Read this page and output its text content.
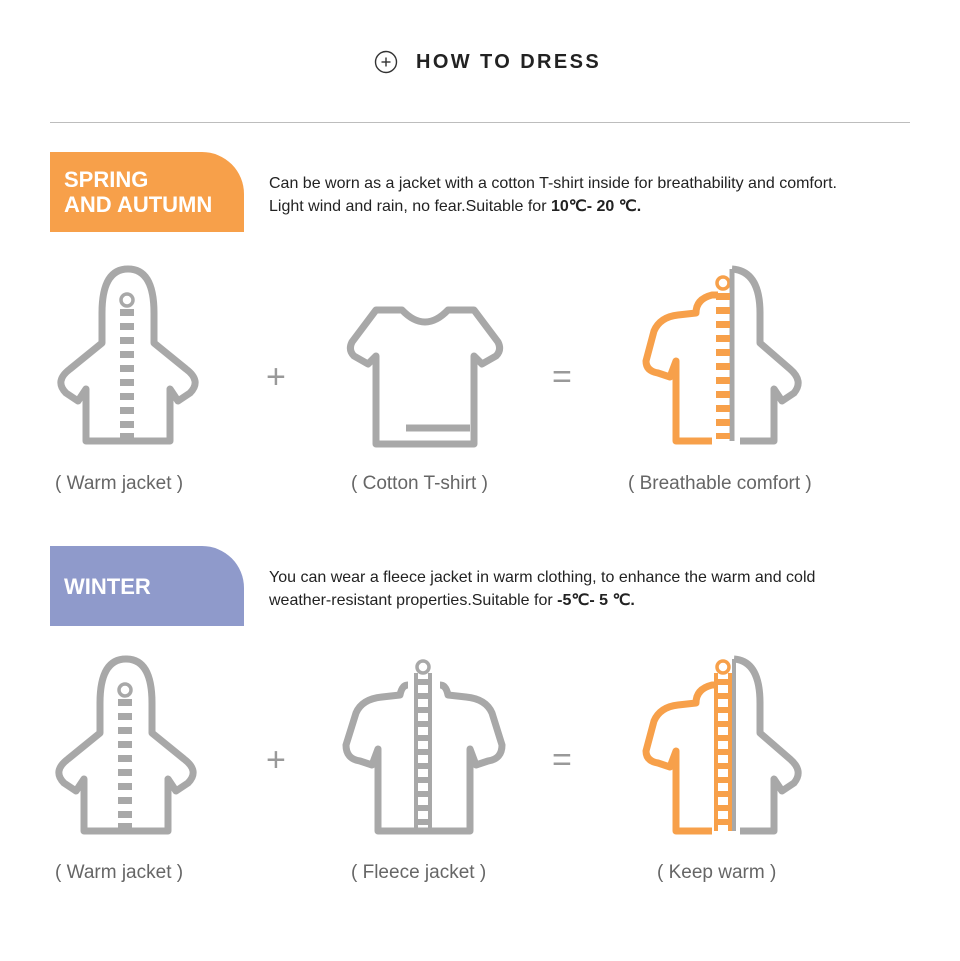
HOW TO DRESS
SPRING
AND AUTUMN
Can be worn as a jacket with a cotton T-shirt inside for breathability and comfort.
Light wind and rain, no fear.Suitable for 10℃- 20 ℃.
+	=
( Warm jacket )	( Cotton T-shirt )	( Breathable comfort )
WINTER	You can wear a fleece jacket in warm clothing, to enhance the warm and cold
weather-resistant properties.Suitable for -5℃- 5 ℃.
+	=
( Warm jacket )	( Fleece jacket )	( Keep warm )
